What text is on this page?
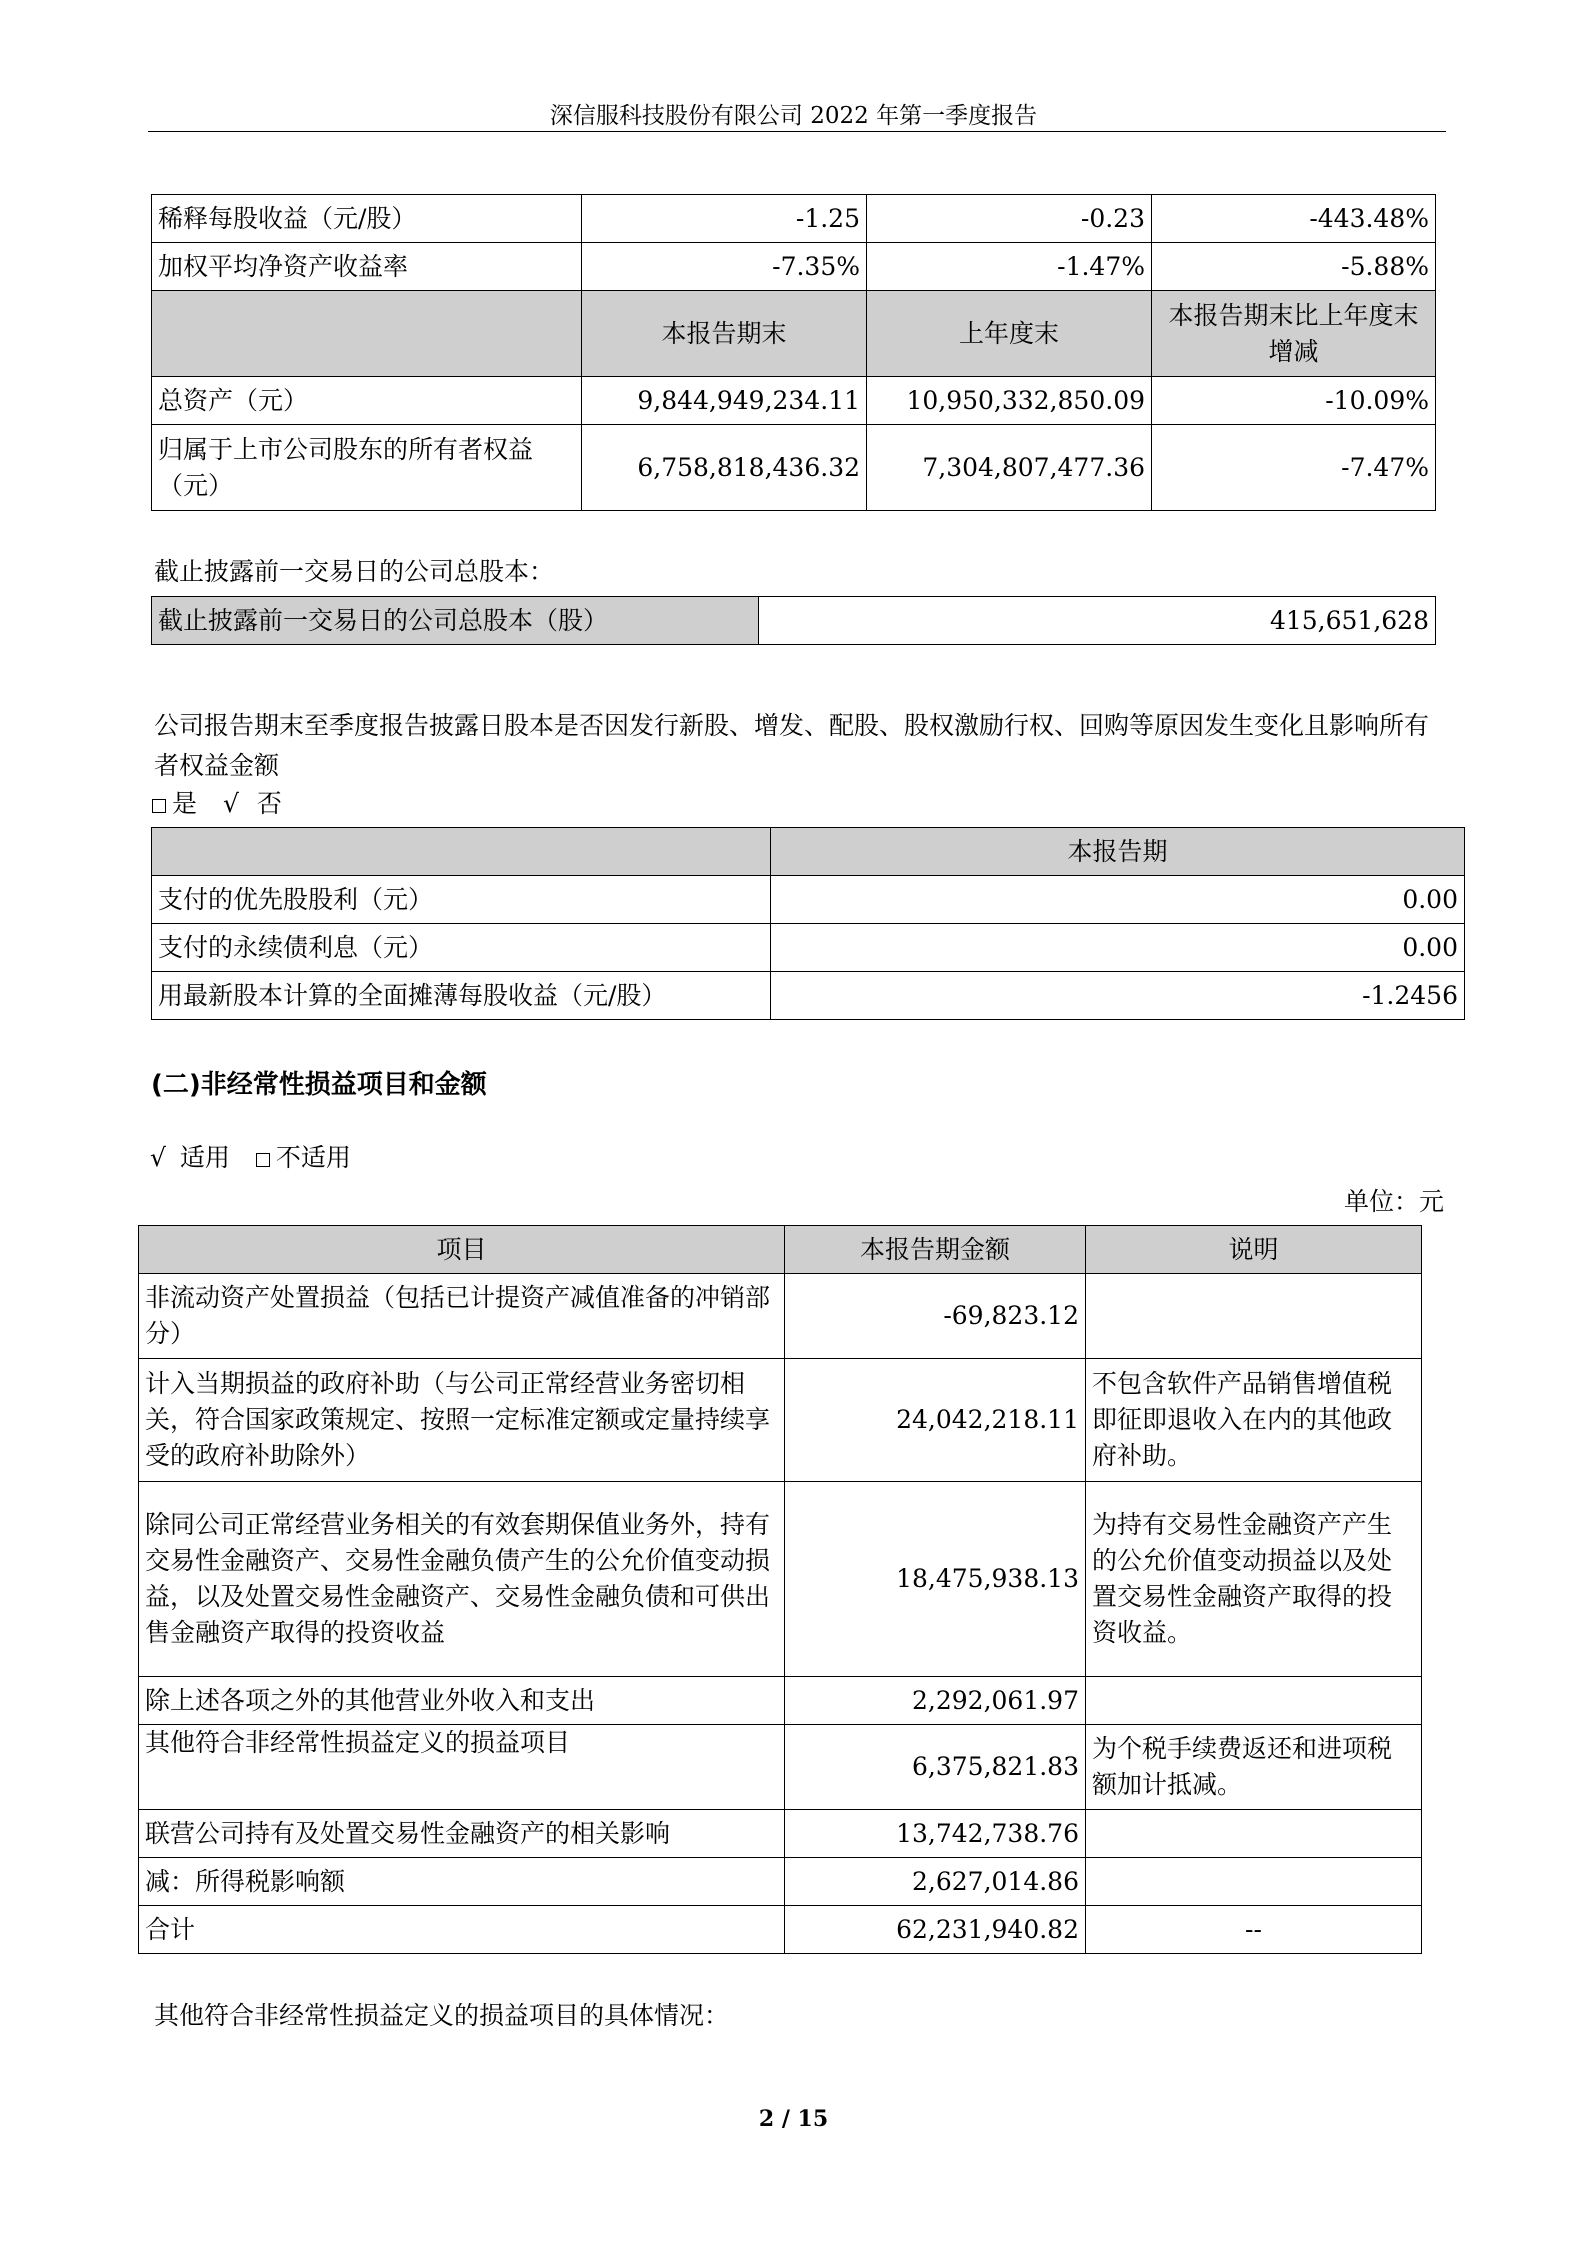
深信服科技股份有限公司 2022 年第一季度报告
稀释每股收益（元/股）	-1.25	-0.23	-443.48%
加权平均净资产收益率	-7.35%	-1.47%	-5.88%
	本报告期末	上年度末	本报告期末比上年度末增减
总资产（元）	9,844,949,234.11	10,950,332,850.09	-10.09%
归属于上市公司股东的所有者权益（元）	6,758,818,436.32	7,304,807,477.36	-7.47%
截止披露前一交易日的公司总股本：
截止披露前一交易日的公司总股本（股）	415,651,628
公司报告期末至季度报告披露日股本是否因发行新股、增发、配股、股权激励行权、回购等原因发生变化且影响所有者权益金额
是 √ 否
	本报告期
支付的优先股股利（元）	0.00
支付的永续债利息（元）	0.00
用最新股本计算的全面摊薄每股收益（元/股）	-1.2456
(二)非经常性损益项目和金额
√ 适用 不适用
单位：元
项目	本报告期金额	说明
非流动资产处置损益（包括已计提资产减值准备的冲销部分）	-69,823.12	
计入当期损益的政府补助（与公司正常经营业务密切相关，符合国家政策规定、按照一定标准定额或定量持续享受的政府补助除外）	24,042,218.11	不包含软件产品销售增值税即征即退收入在内的其他政府补助。
除同公司正常经营业务相关的有效套期保值业务外，持有交易性金融资产、交易性金融负债产生的公允价值变动损益，以及处置交易性金融资产、交易性金融负债和可供出售金融资产取得的投资收益	18,475,938.13	为持有交易性金融资产产生的公允价值变动损益以及处置交易性金融资产取得的投资收益。
除上述各项之外的其他营业外收入和支出	2,292,061.97	
其他符合非经常性损益定义的损益项目	6,375,821.83	为个税手续费返还和进项税额加计抵减。
联营公司持有及处置交易性金融资产的相关影响	13,742,738.76	
减：所得税影响额	2,627,014.86	
合计	62,231,940.82	--
其他符合非经常性损益定义的损益项目的具体情况：
2 / 15
